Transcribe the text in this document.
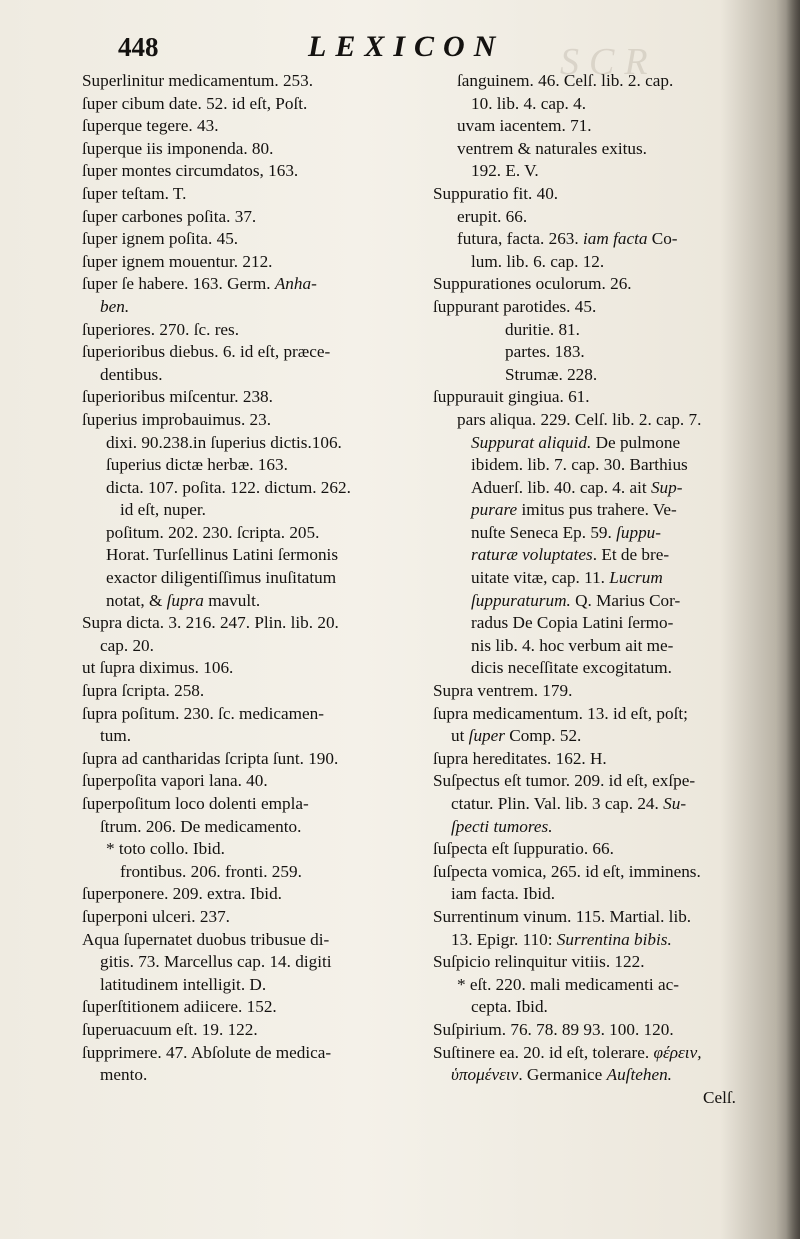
SCR
448	LEXICON
Superlinitur medicamentum. 253.
ſuper cibum date. 52. id eſt, Poſt.
ſuperque tegere. 43.
ſuperque iis imponenda. 80.
ſuper montes circumdatos, 163.
ſuper teſtam. T.
ſuper carbones poſita. 37.
ſuper ignem poſita. 45.
ſuper ignem mouentur. 212.
ſuper ſe habere. 163. Germ. Anha-
ben.
ſuperiores. 270. ſc. res.
ſuperioribus diebus. 6. id eſt, præce-
dentibus.
ſuperioribus miſcentur. 238.
ſuperius improbauimus. 23.
dixi. 90.238.in ſuperius dictis.106.
ſuperius dictæ herbæ. 163.
dicta. 107. poſita. 122. dictum. 262.
id eſt, nuper.
poſitum. 202. 230. ſcripta. 205.
Horat. Turſellinus Latini ſermonis
exactor diligentiſſimus inuſitatum
notat, & ſupra mavult.
Supra dicta. 3. 216. 247. Plin. lib. 20.
cap. 20.
ut ſupra diximus. 106.
ſupra ſcripta. 258.
ſupra poſitum. 230. ſc. medicamen-
tum.
ſupra ad cantharidas ſcripta ſunt. 190.
ſuperpoſita vapori lana. 40.
ſuperpoſitum loco dolenti empla-
ſtrum. 206. De medicamento.
* toto collo. Ibid.
frontibus. 206. fronti. 259.
ſuperponere. 209. extra. Ibid.
ſuperponi ulceri. 237.
Aqua ſupernatet duobus tribusue di-
gitis. 73. Marcellus cap. 14. digiti
latitudinem intelligit. D.
ſuperſtitionem adiicere. 152.
ſuperuacuum eſt. 19. 122.
ſupprimere. 47. Abſolute de medica-
mento.
ſanguinem. 46. Celſ. lib. 2. cap.
10. lib. 4. cap. 4.
uvam iacentem. 71.
ventrem & naturales exitus.
192. E. V.
Suppuratio fit. 40.
erupit. 66.
futura, facta. 263. iam facta Co-
lum. lib. 6. cap. 12.
Suppurationes oculorum. 26.
ſuppurant parotides. 45.
duritie. 81.
partes. 183.
Strumæ. 228.
ſuppurauit gingiua. 61.
pars aliqua. 229. Celſ. lib. 2. cap. 7.
Suppurat aliquid. De pulmone
ibidem. lib. 7. cap. 30. Barthius
Aduerſ. lib. 40. cap. 4. ait Sup-
purare imitus pus trahere. Ve-
nuſte Seneca Ep. 59. ſuppu-
raturæ voluptates. Et de bre-
uitate vitæ, cap. 11. Lucrum
ſuppuraturum. Q. Marius Cor-
radus De Copia Latini ſermo-
nis lib. 4. hoc verbum ait me-
dicis neceſſitate excogitatum.
Supra ventrem. 179.
ſupra medicamentum. 13. id eſt, poſt;
ut ſuper Comp. 52.
ſupra hereditates. 162. H.
Suſpectus eſt tumor. 209. id eſt, exſpe-
ctatur. Plin. Val. lib. 3 cap. 24. Su-
ſpecti tumores.
ſuſpecta eſt ſuppuratio. 66.
ſuſpecta vomica, 265. id eſt, imminens.
iam facta. Ibid.
Surrentinum vinum. 115. Martial. lib.
13. Epigr. 110: Surrentina bibis.
Suſpicio relinquitur vitiis. 122.
* eſt. 220. mali medicamenti ac-
cepta. Ibid.
Suſpirium. 76. 78. 89 93. 100. 120.
Suſtinere ea. 20. id eſt, tolerare. φέρειν,
ὑπομένειν. Germanice Auſtehen.
Celſ.
